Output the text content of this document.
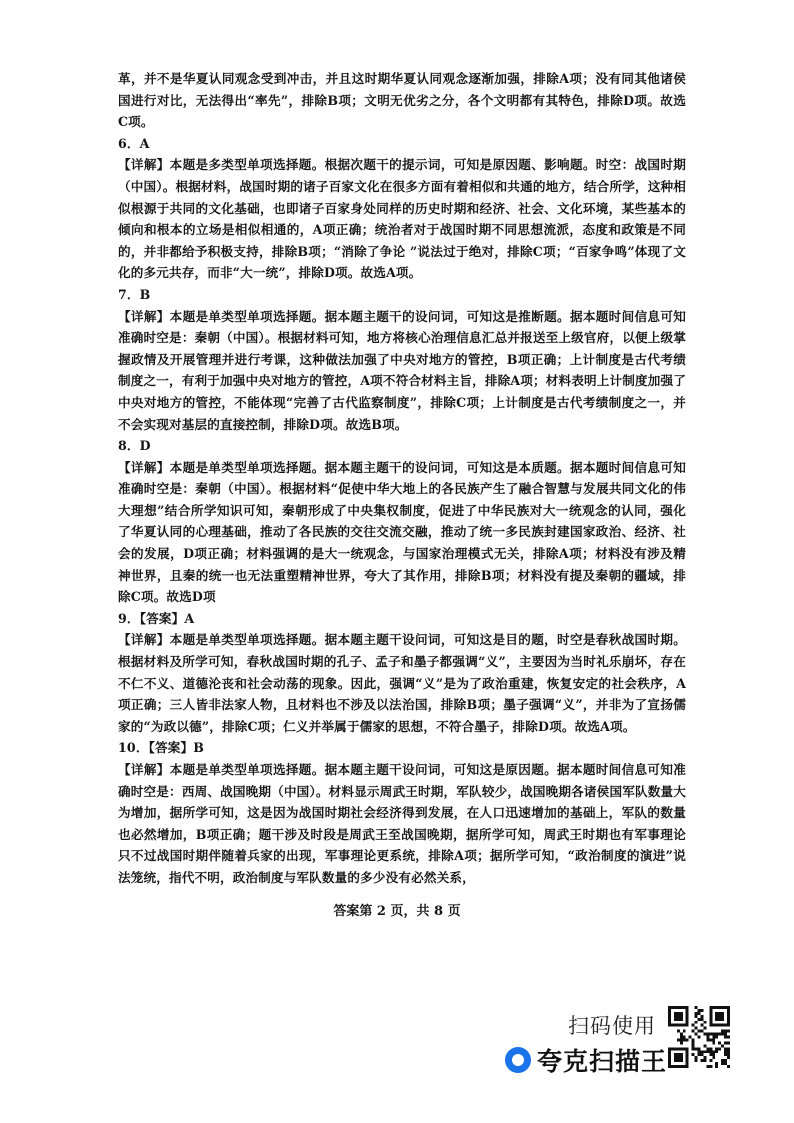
革，并不是华夏认同观念受到冲击，并且这时期华夏认同观念逐渐加强，排除A项；没有同其他诸侯国进行对比，无法得出“率先”，排除B项；文明无优劣之分，各个文明都有其特色，排除D项。故选C项。

6．A

【详解】本题是多类型单项选择题。根据次题干的提示词，可知是原因题、影响题。时空：战国时期（中国）。根据材料，战国时期的诸子百家文化在很多方面有着相似和共通的地方，结合所学，这种相似根源于共同的文化基础，也即诸子百家身处同样的历史时期和经济、社会、文化环境，某些基本的倾向和根本的立场是相似相通的，A项正确；统治者对于战国时期不同思想流派，态度和政策是不同的，并非都给予积极支持，排除B项；“消除了争论 ”说法过于绝对，排除C项；“百家争鸣”体现了文化的多元共存，而非“大一统”，排除D项。故选A项。

7．B

【详解】本题是单类型单项选择题。据本题主题干的设问词，可知这是推断题。据本题时间信息可知准确时空是：秦朝（中国）。根据材料可知，地方将核心治理信息汇总并报送至上级官府，以便上级掌握政情及开展管理并进行考课，这种做法加强了中央对地方的管控，B项正确；上计制度是古代考绩制度之一，有利于加强中央对地方的管控，A项不符合材料主旨，排除A项；材料表明上计制度加强了中央对地方的管控，不能体现“完善了古代监察制度”，排除C项；上计制度是古代考绩制度之一，并不会实现对基层的直接控制，排除D项。故选B项。

8．D

【详解】本题是单类型单项选择题。据本题主题干的设问词，可知这是本质题。据本题时间信息可知准确时空是：秦朝（中国）。根据材料“促使中华大地上的各民族产生了融合智慧与发展共同文化的伟大理想”结合所学知识可知，秦朝形成了中央集权制度，促进了中华民族对大一统观念的认同，强化了华夏认同的心理基础，推动了各民族的交往交流交融，推动了统一多民族封建国家政治、经济、社会的发展，D项正确；材料强调的是大一统观念，与国家治理模式无关，排除A项；材料没有涉及精神世界，且秦的统一也无法重塑精神世界，夸大了其作用，排除B项；材料没有提及秦朝的疆域，排除C项。故选D项

9．【答案】A

【详解】本题是单类型单项选择题。据本题主题干设问词，可知这是目的题，时空是春秋战国时期。根据材料及所学可知，春秋战国时期的孔子、孟子和墨子都强调“义”，主要因为当时礼乐崩坏，存在不仁不义、道德沦丧和社会动荡的现象。因此，强调“义”是为了政治重建，恢复安定的社会秩序，A项正确；三人皆非法家人物，且材料也不涉及以法治国，排除B项；墨子强调“义”，并非为了宣扬儒家的“为政以德”，排除C项；仁义并举属于儒家的思想，不符合墨子，排除D项。故选A项。

10．【答案】B

【详解】本题是单类型单项选择题。据本题主题干设问词，可知这是原因题。据本题时间信息可知准确时空是：西周、战国晚期（中国）。材料显示周武王时期，军队较少，战国晚期各诸侯国军队数量大为增加，据所学可知，这是因为战国时期社会经济得到发展，在人口迅速增加的基础上，军队的数量也必然增加，B项正确；题干涉及时段是周武王至战国晚期，据所学可知，周武王时期也有军事理论只不过战国时期伴随着兵家的出现，军事理论更系统，排除A项；据所学可知，“政治制度的演进”说法笼统，指代不明，政治制度与军队数量的多少没有必然关系，

答案第 2 页，共 8 页
扫码使用
夸克扫描王
